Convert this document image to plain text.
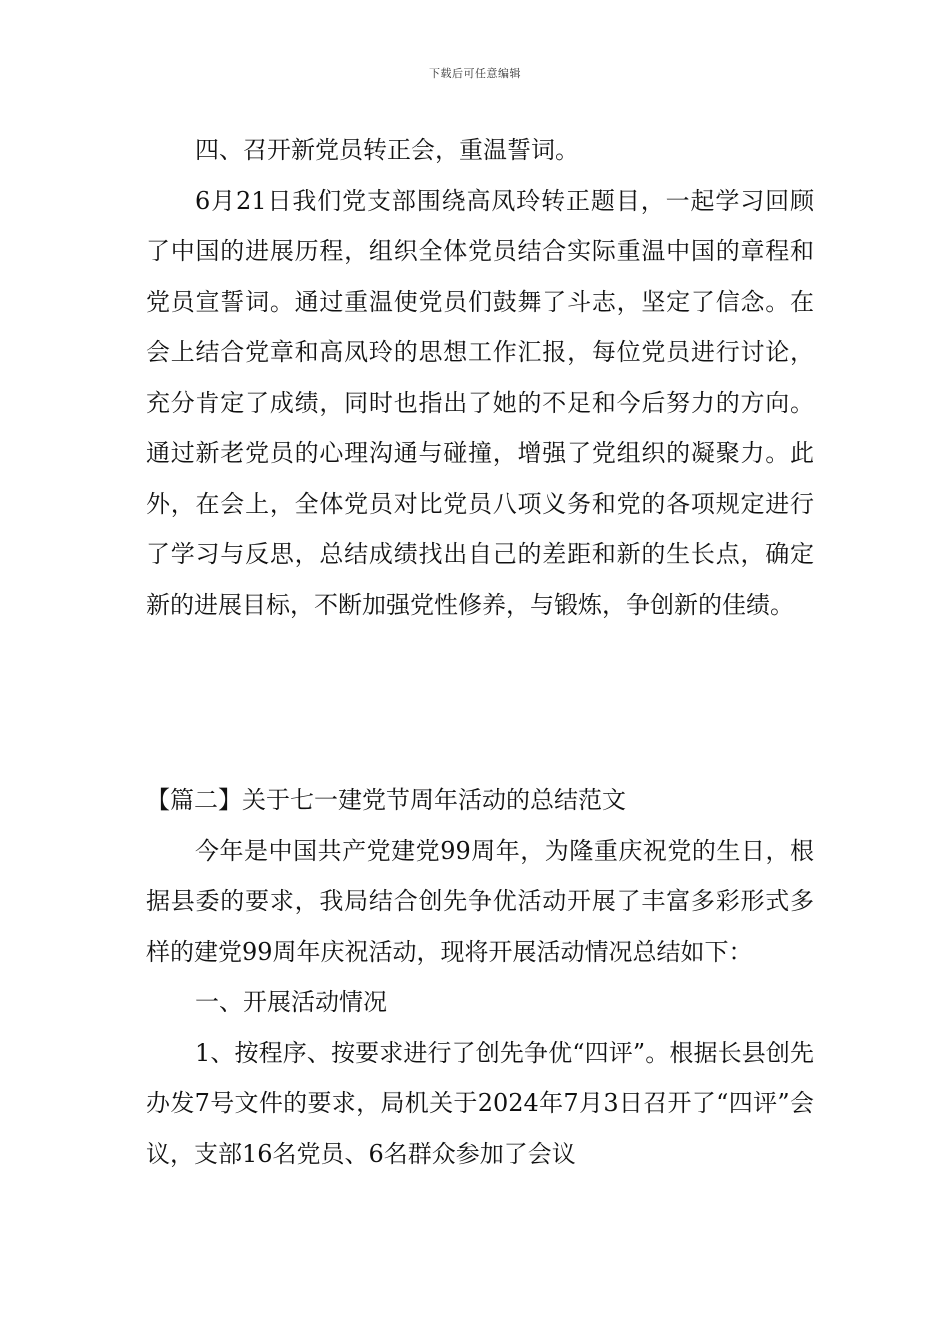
下载后可任意编辑

四、召开新党员转正会，重温誓词。

6月21日我们党支部围绕高凤玲转正题目，一起学习回顾了中国的进展历程，组织全体党员结合实际重温中国的章程和党员宣誓词。通过重温使党员们鼓舞了斗志，坚定了信念。在会上结合党章和高凤玲的思想工作汇报，每位党员进行讨论，充分肯定了成绩，同时也指出了她的不足和今后努力的方向。通过新老党员的心理沟通与碰撞，增强了党组织的凝聚力。此外，在会上，全体党员对比党员八项义务和党的各项规定进行了学习与反思，总结成绩找出自己的差距和新的生长点，确定新的进展目标，不断加强党性修养，与锻炼，争创新的佳绩。

【篇二】关于七一建党节周年活动的总结范文

今年是中国共产党建党99周年，为隆重庆祝党的生日，根据县委的要求，我局结合创先争优活动开展了丰富多彩形式多样的建党99周年庆祝活动，现将开展活动情况总结如下：

一、开展活动情况

1、按程序、按要求进行了创先争优“四评”。根据长县创先办发7号文件的要求，局机关于2024年7月3日召开了“四评”会议，支部16名党员、6名群众参加了会议
